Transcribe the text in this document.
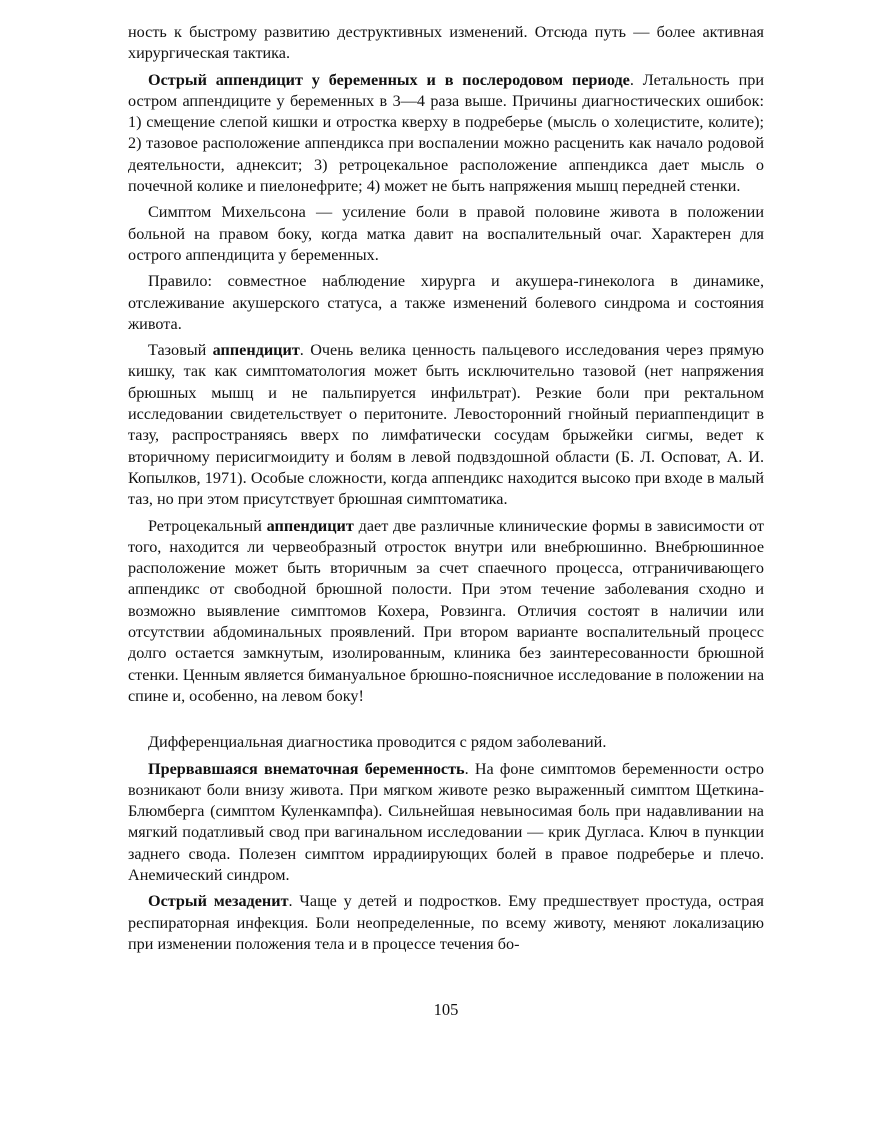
ность к быстрому развитию деструктивных изменений. Отсюда путь — более активная хирургическая тактика.

Острый аппендицит у беременных и в послеродовом периоде. Летальность при остром аппендиците у беременных в 3—4 раза выше. Причины диагностических ошибок: 1) смещение слепой кишки и отростка кверху в подреберье (мысль о холецистите, колите); 2) тазовое расположение аппендикса при воспалении можно расценить как начало родовой деятельности, аднексит; 3) ретроцекальное расположение аппендикса дает мысль о почечной колике и пиелонефрите; 4) может не быть напряжения мышц передней стенки.

Симптом Михельсона — усиление боли в правой половине живота в положении больной на правом боку, когда матка давит на воспалительный очаг. Характерен для острого аппендицита у беременных.

Правило: совместное наблюдение хирурга и акушера-гинеколога в динамике, отслеживание акушерского статуса, а также изменений болевого синдрома и состояния живота.

Тазовый аппендицит. Очень велика ценность пальцевого исследования через прямую кишку, так как симптоматология может быть исключительно тазовой (нет напряжения брюшных мышц и не пальпируется инфильтрат). Резкие боли при ректальном исследовании свидетельствует о перитоните. Левосторонний гнойный периаппендицит в тазу, распространяясь вверх по лимфатически сосудам брыжейки сигмы, ведет к вторичному перисигмоидиту и болям в левой подвздошной области (Б. Л. Осповат, А. И. Копылков, 1971). Особые сложности, когда аппендикс находится высоко при входе в малый таз, но при этом присутствует брюшная симптоматика.

Ретроцекальный аппендицит дает две различные клинические формы в зависимости от того, находится ли червеобразный отросток внутри или внебрюшинно. Внебрюшинное расположение может быть вторичным за счет спаечного процесса, отграничивающего аппендикс от свободной брюшной полости. При этом течение заболевания сходно и возможно выявление симптомов Кохера, Ровзинга. Отличия состоят в наличии или отсутствии абдоминальных проявлений. При втором варианте воспалительный процесс долго остается замкнутым, изолированным, клиника без заинтересованности брюшной стенки. Ценным является бимануальное брюшно-поясничное исследование в положении на спине и, особенно, на левом боку!

Дифференциальная диагностика проводится с рядом заболеваний.

Прервавшаяся внематочная беременность. На фоне симптомов беременности остро возникают боли внизу живота. При мягком животе резко выраженный симптом Щеткина-Блюмберга (симптом Куленкампфа). Сильнейшая невыносимая боль при надавливании на мягкий податливый свод при вагинальном исследовании — крик Дугласа. Ключ в пункции заднего свода. Полезен симптом иррадиирующих болей в правое подреберье и плечо. Анемический синдром.

Острый мезаденит. Чаще у детей и подростков. Ему предшествует простуда, острая респираторная инфекция. Боли неопределенные, по всему животу, меняют локализацию при изменении положения тела и в процессе течения бо-

105
